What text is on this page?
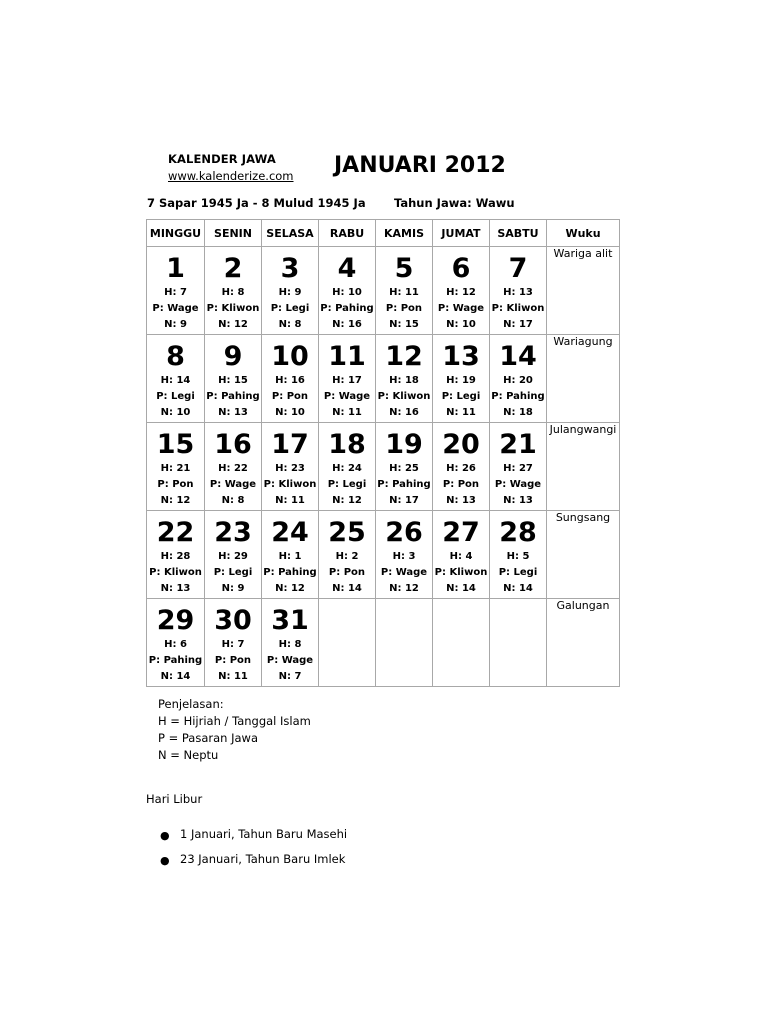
KALENDER JAWA
www.kalenderize.com JANUARI 2012
7 Sapar 1945 Ja - 8 Mulud 1945 Ja Tahun Jawa: Wawu
MINGGU	SENIN	SELASA	RABU	KAMIS	JUMAT	SABTU	Wuku

1
H: 7
P: Wage
N: 9	2
H: 8
P: Kliwon
N: 12	3
H: 9
P: Legi
N: 8	4
H: 10
P: Pahing
N: 16	5
H: 11
P: Pon
N: 15	6
H: 12
P: Wage
N: 10	7
H: 13
P: Kliwon
N: 17	Wariga alit

8
H: 14
P: Legi
N: 10	9
H: 15
P: Pahing
N: 13	10
H: 16
P: Pon
N: 10	11
H: 17
P: Wage
N: 11	12
H: 18
P: Kliwon
N: 16	13
H: 19
P: Legi
N: 11	14
H: 20
P: Pahing
N: 18	Wariagung

15
H: 21
P: Pon
N: 12	16
H: 22
P: Wage
N: 8	17
H: 23
P: Kliwon
N: 11	18
H: 24
P: Legi
N: 12	19
H: 25
P: Pahing
N: 17	20
H: 26
P: Pon
N: 13	21
H: 27
P: Wage
N: 13	Julangwangi

22
H: 28
P: Kliwon
N: 13	23
H: 29
P: Legi
N: 9	24
H: 1
P: Pahing
N: 12	25
H: 2
P: Pon
N: 14	26
H: 3
P: Wage
N: 12	27
H: 4
P: Kliwon
N: 14	28
H: 5
P: Legi
N: 14	Sungsang

29
H: 6
P: Pahing
N: 14	30
H: 7
P: Pon
N: 11	31
H: 8
P: Wage
N: 7					Galungan
Penjelasan:
H = Hijriah / Tanggal Islam
P = Pasaran Jawa
N = Neptu
Hari Libur
● 1 Januari, Tahun Baru Masehi
● 23 Januari, Tahun Baru Imlek
